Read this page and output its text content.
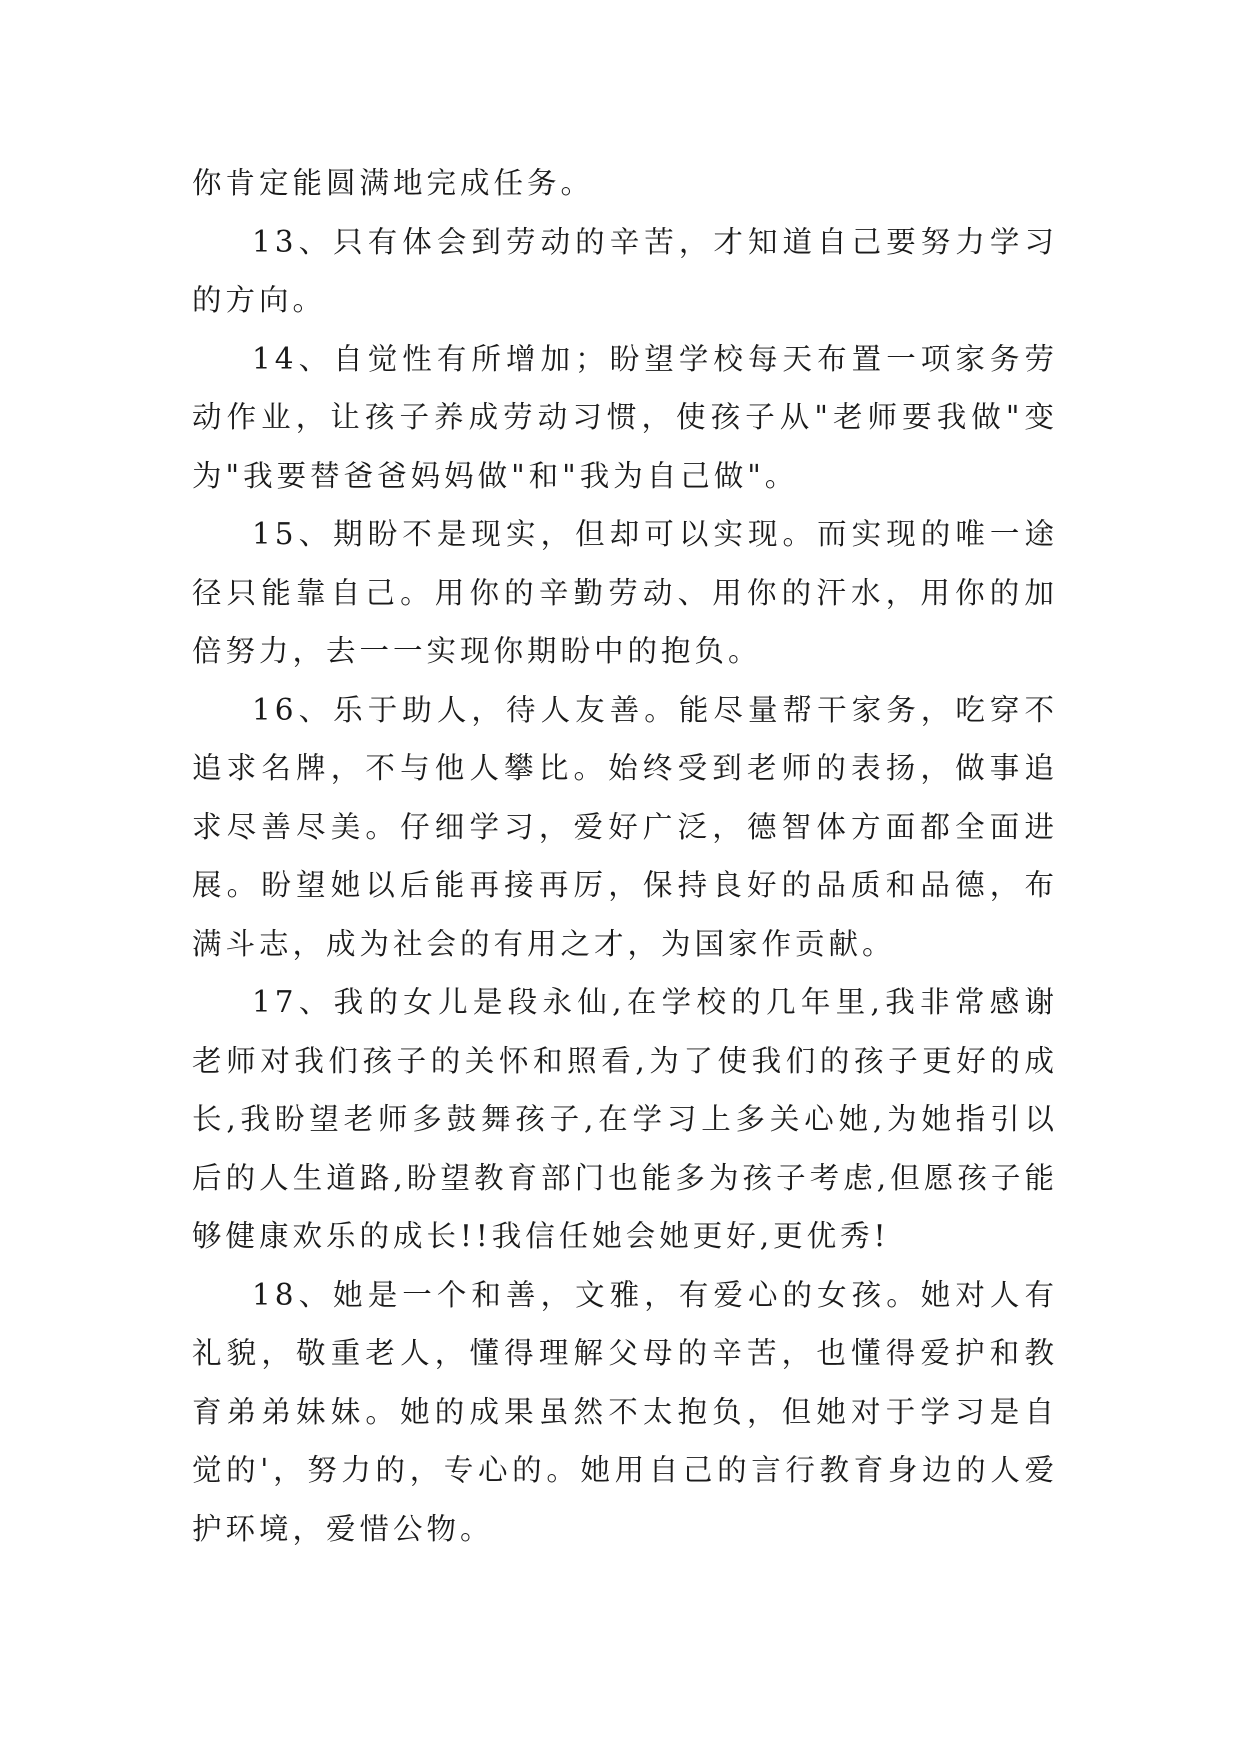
你肯定能圆满地完成任务。

13、只有体会到劳动的辛苦，才知道自己要努力学习的方向。

14、自觉性有所增加；盼望学校每天布置一项家务劳动作业，让孩子养成劳动习惯，使孩子从"老师要我做"变为"我要替爸爸妈妈做"和"我为自己做"。

15、期盼不是现实，但却可以实现。而实现的唯一途径只能靠自己。用你的辛勤劳动、用你的汗水，用你的加倍努力，去一一实现你期盼中的抱负。

16、乐于助人，待人友善。能尽量帮干家务，吃穿不追求名牌，不与他人攀比。始终受到老师的表扬，做事追求尽善尽美。仔细学习，爱好广泛，德智体方面都全面进展。盼望她以后能再接再厉，保持良好的品质和品德，布满斗志，成为社会的有用之才，为国家作贡献。

17、我的女儿是段永仙,在学校的几年里,我非常感谢老师对我们孩子的关怀和照看,为了使我们的孩子更好的成长,我盼望老师多鼓舞孩子,在学习上多关心她,为她指引以后的人生道路,盼望教育部门也能多为孩子考虑,但愿孩子能够健康欢乐的成长!!我信任她会她更好,更优秀!

18、她是一个和善，文雅，有爱心的女孩。她对人有礼貌，敬重老人，懂得理解父母的辛苦，也懂得爱护和教育弟弟妹妹。她的成果虽然不太抱负，但她对于学习是自觉的'，努力的，专心的。她用自己的言行教育身边的人爱护环境，爱惜公物。
